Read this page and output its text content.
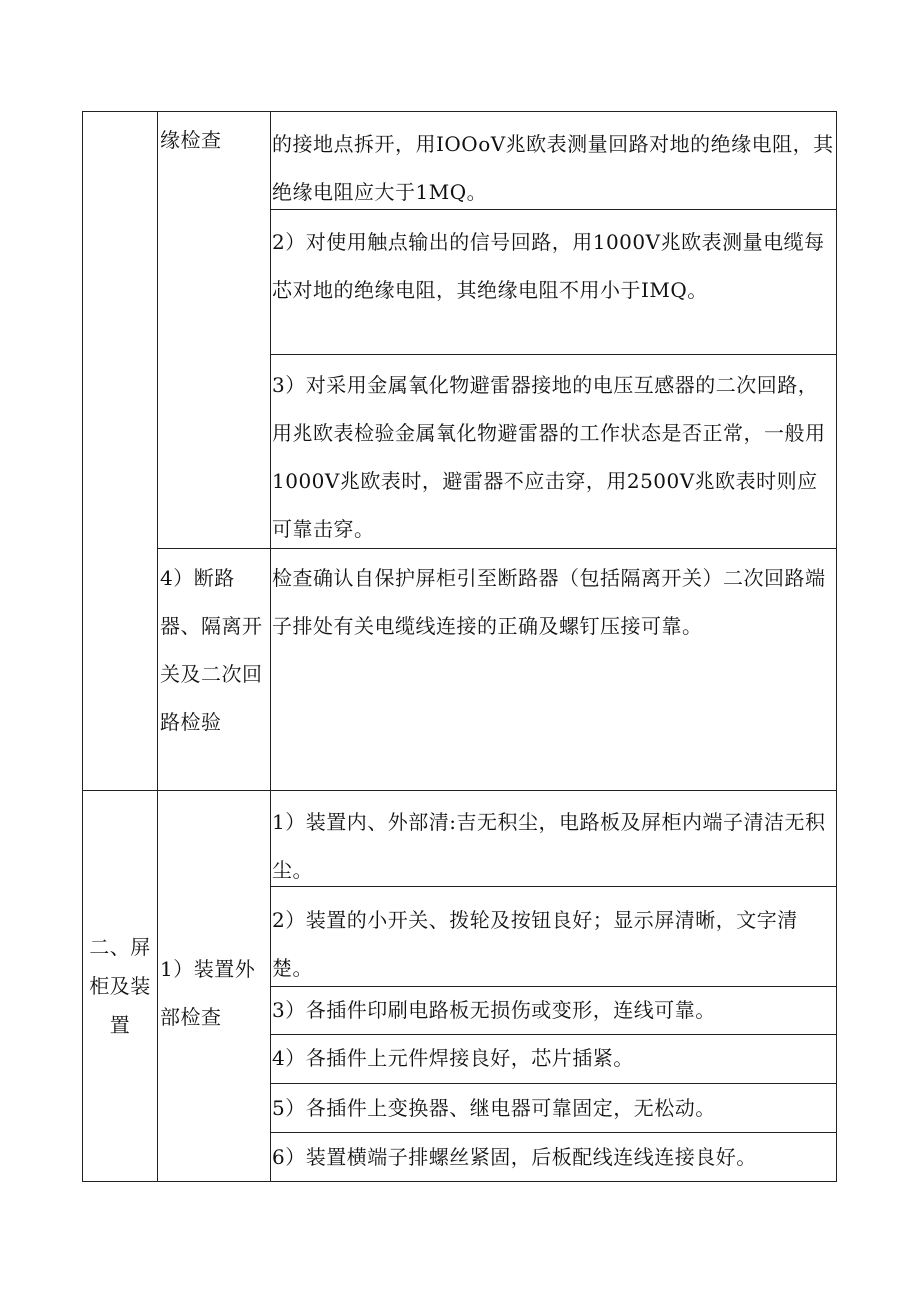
缘检查	的接地点拆开，用IOOoV兆欧表测量回路对地的绝缘电阻，其绝缘电阻应大于1MQ。
2）对使用触点输出的信号回路，用1000V兆欧表测量电缆每芯对地的绝缘电阻，其绝缘电阻不用小于IMQ。
3）对采用金属氧化物避雷器接地的电压互感器的二次回路，用兆欧表检验金属氧化物避雷器的工作状态是否正常，一般用1000V兆欧表时，避雷器不应击穿，用2500V兆欧表时则应可靠击穿。
4）断路器、隔离开关及二次回路检验
检查确认自保护屏柜引至断路器（包括隔离开关）二次回路端子排处有关电缆线连接的正确及螺钉压接可靠。
二、屏柜及装置
1）装置外部检查
1）装置内、外部清:吉无积尘，电路板及屏柜内端子清洁无积尘。
2）装置的小开关、拨轮及按钮良好；显示屏清晰，文字清楚。
3）各插件印刷电路板无损伤或变形，连线可靠。
4）各插件上元件焊接良好，芯片插紧。
5）各插件上变换器、继电器可靠固定，无松动。
6）装置横端子排螺丝紧固，后板配线连线连接良好。
